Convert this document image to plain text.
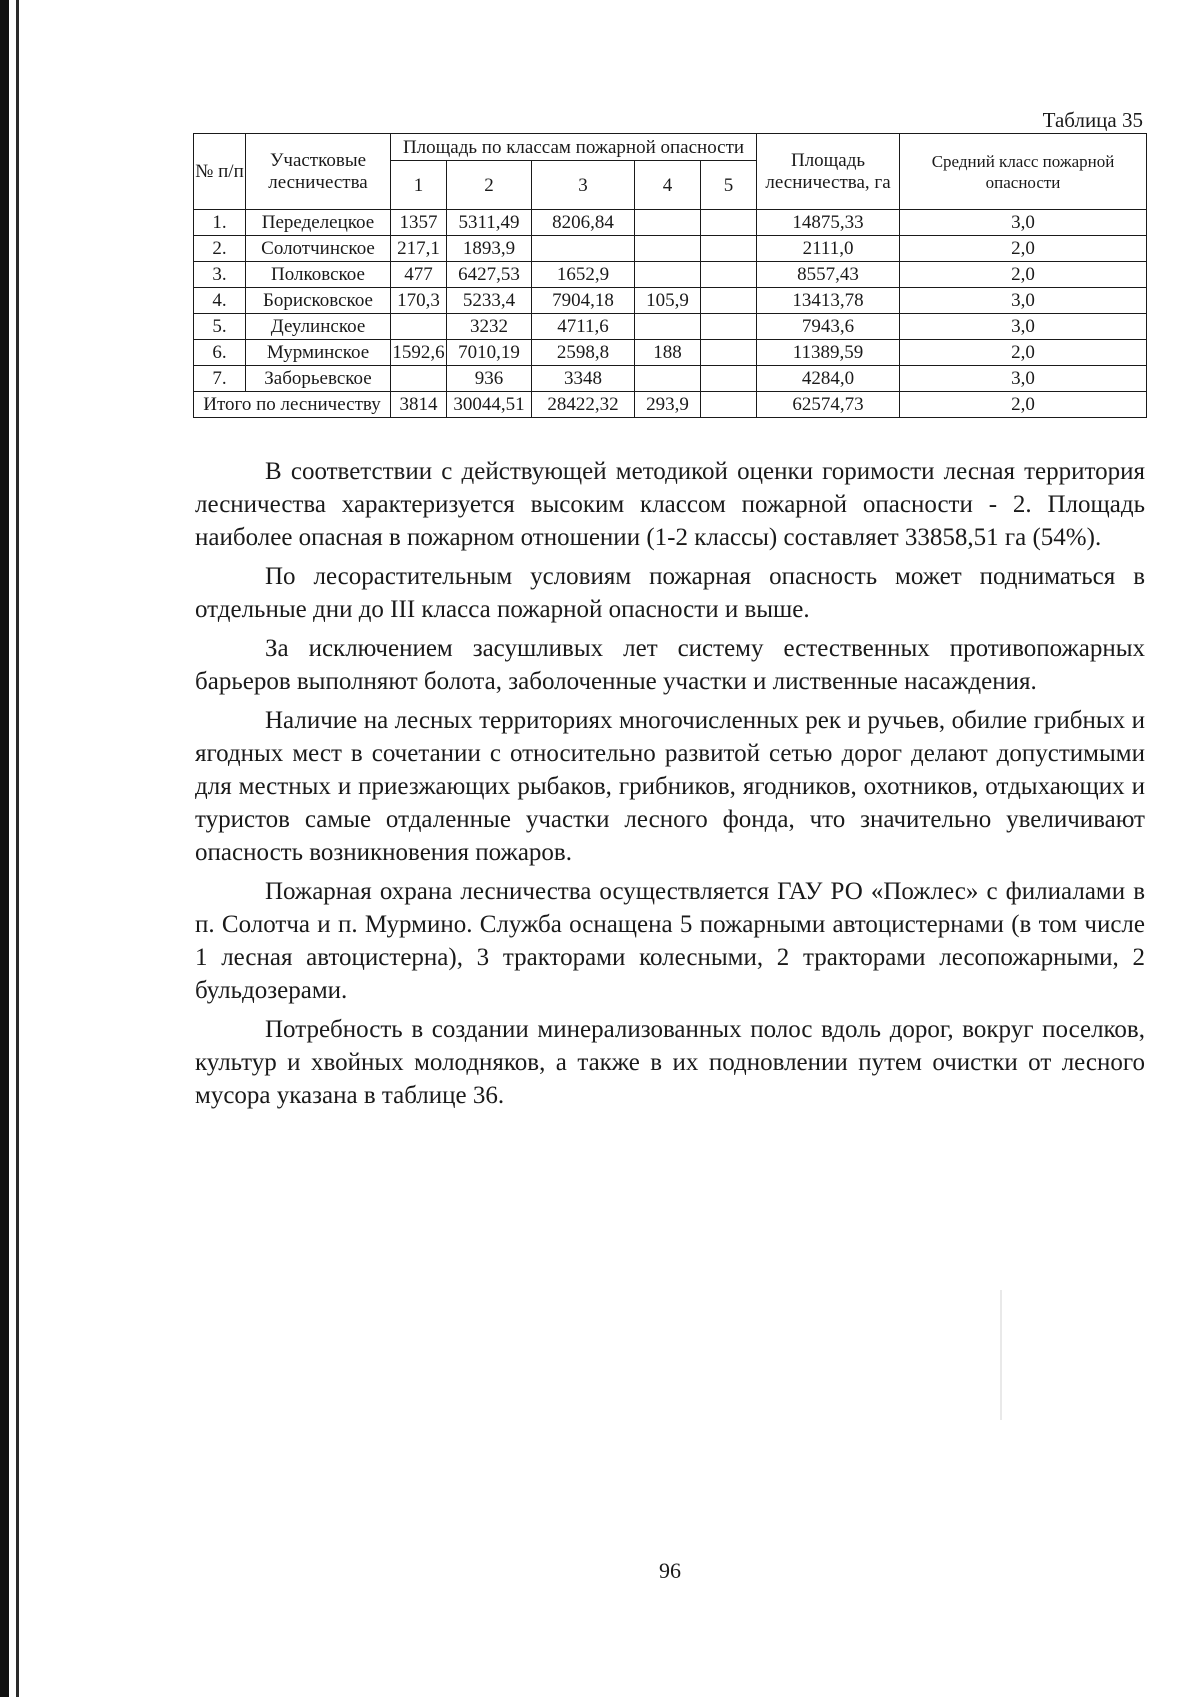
Таблица 35
№ п/п	Участковые лесничества	Площадь по классам пожарной опасности					Площадь лесничества, га	Средний класс пожарной опасности
		1	2	3	4	5		
1.	Переделецкое	1357	5311,49	8206,84			14875,33	3,0
2.	Солотчинское	217,1	1893,9				2111,0	2,0
3.	Полковское	477	6427,53	1652,9			8557,43	2,0
4.	Борисковское	170,3	5233,4	7904,18	105,9		13413,78	3,0
5.	Деулинское		3232	4711,6			7943,6	3,0
6.	Мурминское	1592,6	7010,19	2598,8	188		11389,59	2,0
7.	Заборьевское		936	3348			4284,0	3,0
Итого по лесничеству		3814	30044,51	28422,32	293,9		62574,73	2,0

В соответствии с действующей методикой оценки горимости лесная территория лесничества характеризуется высоким классом пожарной опасности - 2. Площадь наиболее опасная в пожарном отношении (1-2 классы) составляет 33858,51 га (54%).

По лесорастительным условиям пожарная опасность может подниматься в отдельные дни до III класса пожарной опасности и выше.

За исключением засушливых лет систему естественных противопожарных барьеров выполняют болота, заболоченные участки и лиственные насаждения.

Наличие на лесных территориях многочисленных рек и ручьев, обилие грибных и ягодных мест в сочетании с относительно развитой сетью дорог делают допустимыми для местных и приезжающих рыбаков, грибников, ягодников, охотников, отдыхающих и туристов самые отдаленные участки лесного фонда, что значительно увеличивают опасность возникновения пожаров.

Пожарная охрана лесничества осуществляется ГАУ РО «Пожлес» с филиалами в п. Солотча и п. Мурмино. Служба оснащена 5 пожарными автоцистернами (в том числе 1 лесная автоцистерна), 3 тракторами колесными, 2 тракторами лесопожарными, 2 бульдозерами.

Потребность в создании минерализованных полос вдоль дорог, вокруг поселков, культур и хвойных молодняков, а также в их подновлении путем очистки от лесного мусора указана в таблице 36.

96
